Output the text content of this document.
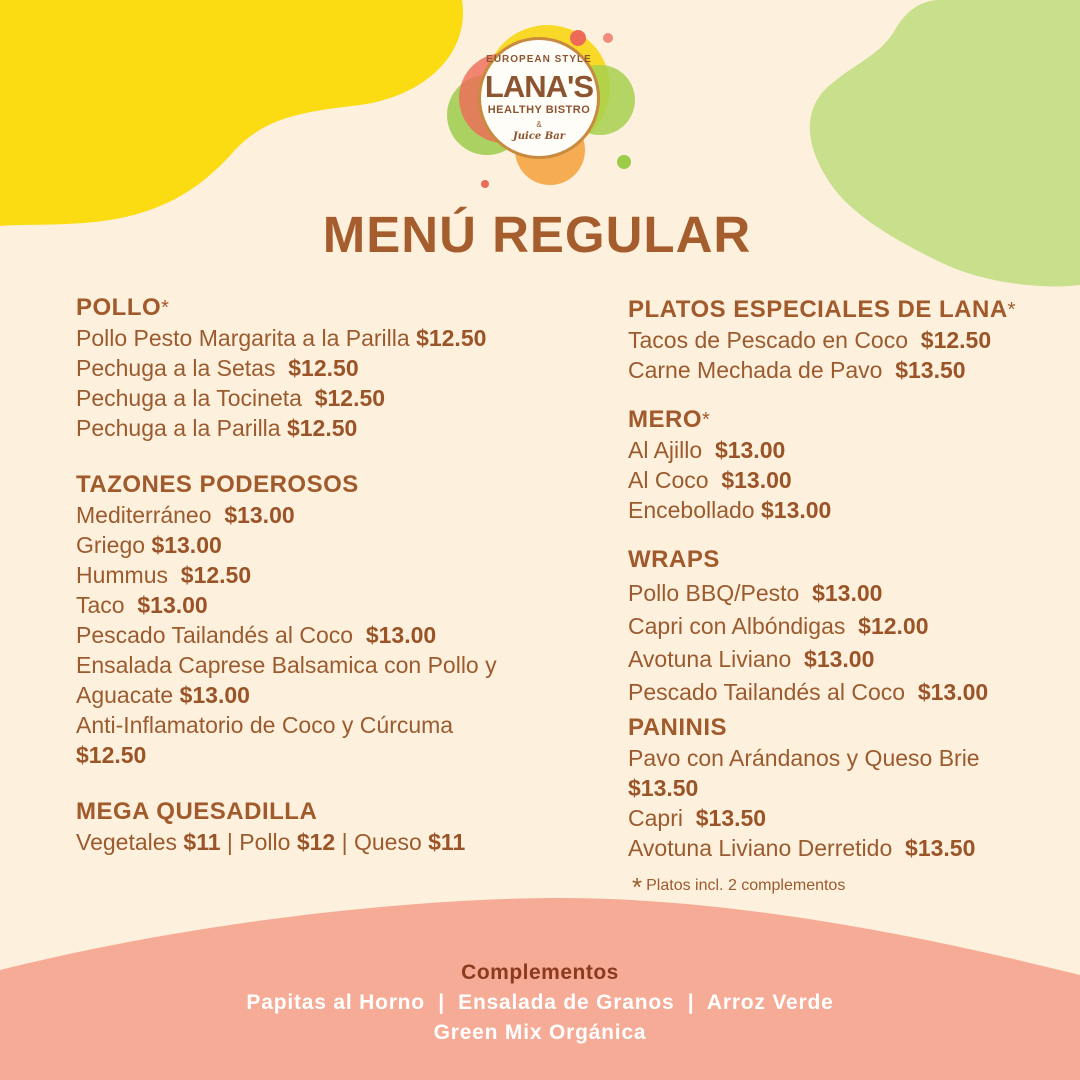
EUROPEAN STYLE
LANA'S
HEALTHY BISTRO
&
Juice Bar
MENÚ REGULAR
POLLO*
Pollo Pesto Margarita a la Parilla $12.50
Pechuga a la Setas $12.50
Pechuga a la Tocineta $12.50
Pechuga a la Parilla $12.50
TAZONES PODEROSOS
Mediterráneo $13.00
Griego $13.00
Hummus $12.50
Taco $13.00
Pescado Tailandés al Coco $13.00
Ensalada Caprese Balsamica con Pollo y Aguacate $13.00
Anti-Inflamatorio de Coco y Cúrcuma
$12.50
MEGA QUESADILLA
Vegetales $11 | Pollo $12 | Queso $11
PLATOS ESPECIALES DE LANA*
Tacos de Pescado en Coco $12.50
Carne Mechada de Pavo $13.50
MERO*
Al Ajillo $13.00
Al Coco $13.00
Encebollado $13.00
WRAPS
Pollo BBQ/Pesto $13.00
Capri con Albóndigas $12.00
Avotuna Liviano $13.00
Pescado Tailandés al Coco $13.00
PANINIS
Pavo con Arándanos y Queso Brie
$13.50
Capri $13.50
Avotuna Liviano Derretido $13.50
* Platos incl. 2 complementos
Complementos
Papitas al Horno  |  Ensalada de Granos  |  Arroz Verde
Green Mix Orgánica
